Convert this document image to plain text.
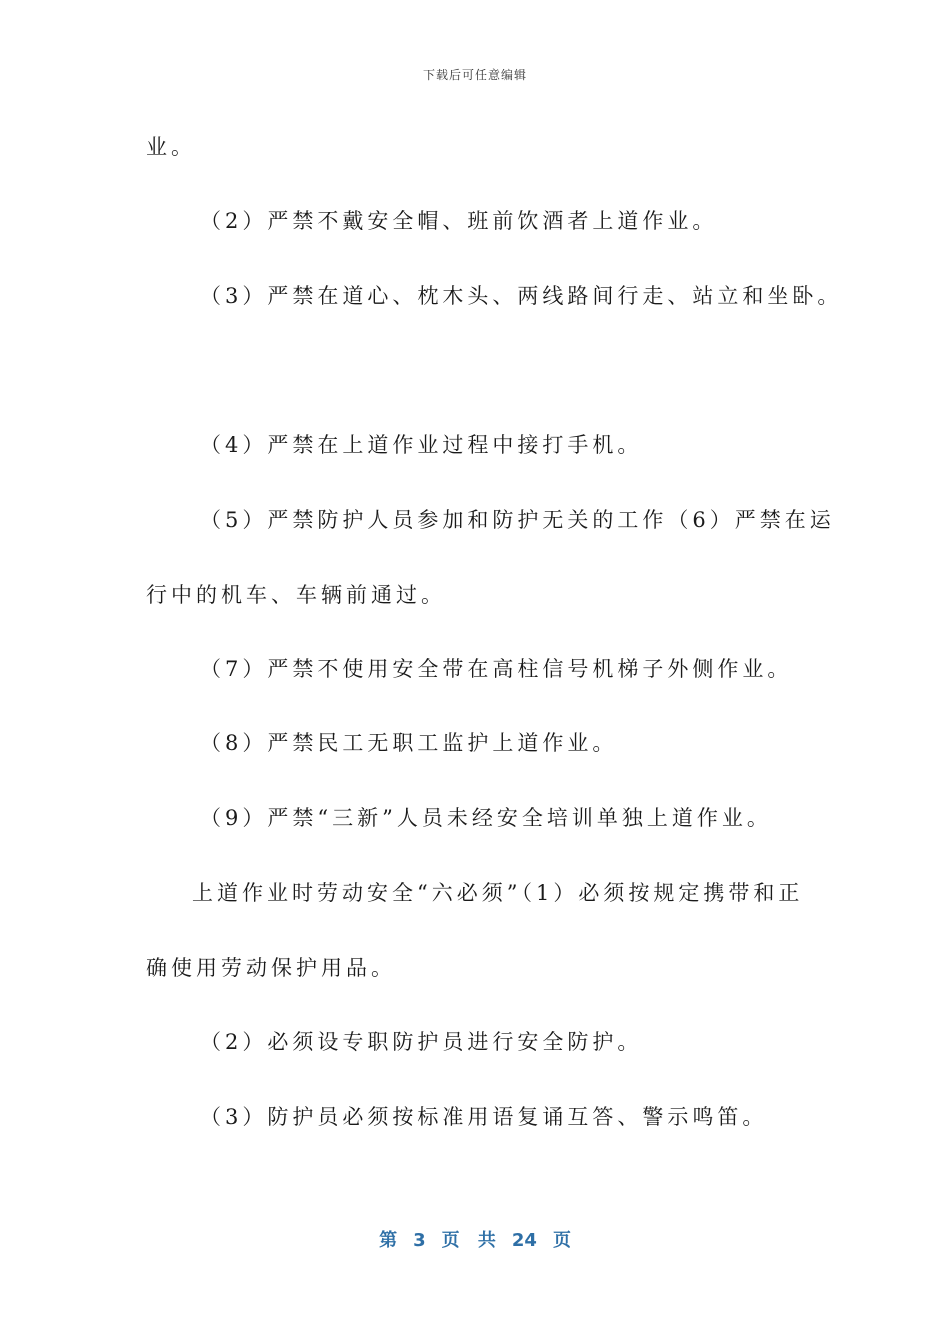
下载后可任意编辑
业。
（2）严禁不戴安全帽、班前饮酒者上道作业。
（3）严禁在道心、枕木头、两线路间行走、站立和坐卧。
（4）严禁在上道作业过程中接打手机。
（5）严禁防护人员参加和防护无关的工作（6）严禁在运
行中的机车、车辆前通过。
（7）严禁不使用安全带在高柱信号机梯子外侧作业。
（8）严禁民工无职工监护上道作业。
（9）严禁“三新”人员未经安全培训单独上道作业。
上道作业时劳动安全“六必须”（1）必须按规定携带和正
确使用劳动保护用品。
（2）必须设专职防护员进行安全防护。
（3）防护员必须按标准用语复诵互答、警示鸣笛。
第 3 页 共 24 页
